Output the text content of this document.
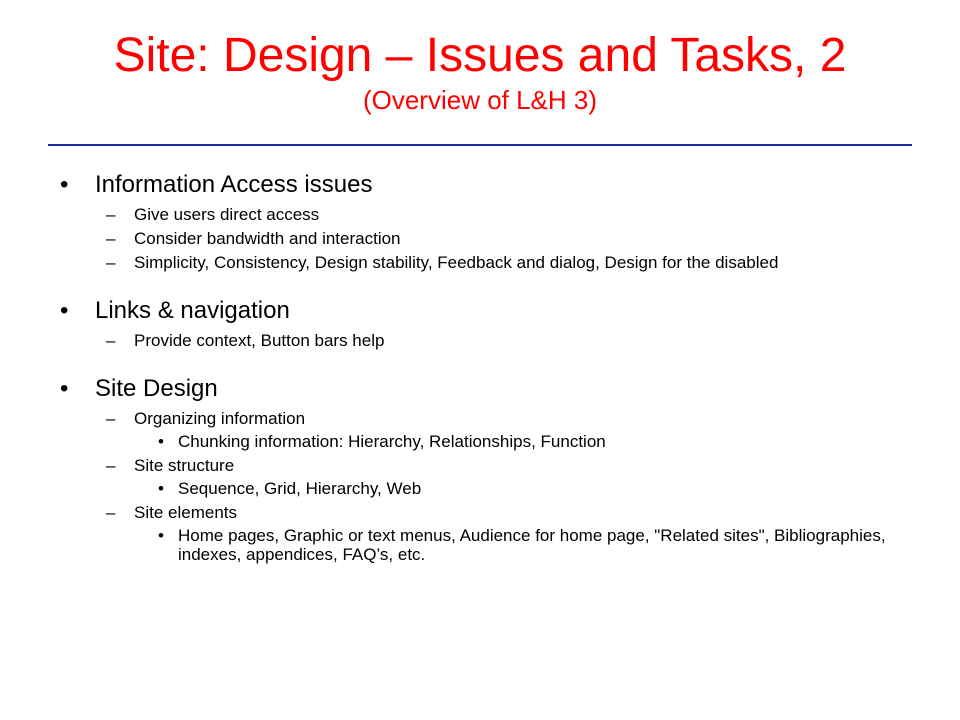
Site: Design – Issues and Tasks, 2
(Overview of L&H 3)
• Information Access issues
– Give users direct access
– Consider bandwidth and interaction
– Simplicity, Consistency, Design stability, Feedback and dialog, Design for the disabled
• Links & navigation
– Provide context, Button bars help
• Site Design
– Organizing information
• Chunking information: Hierarchy, Relationships, Function
– Site structure
• Sequence, Grid, Hierarchy, Web
– Site elements
• Home pages, Graphic or text menus, Audience for home page, "Related sites", Bibliographies, indexes, appendices, FAQ’s, etc.
